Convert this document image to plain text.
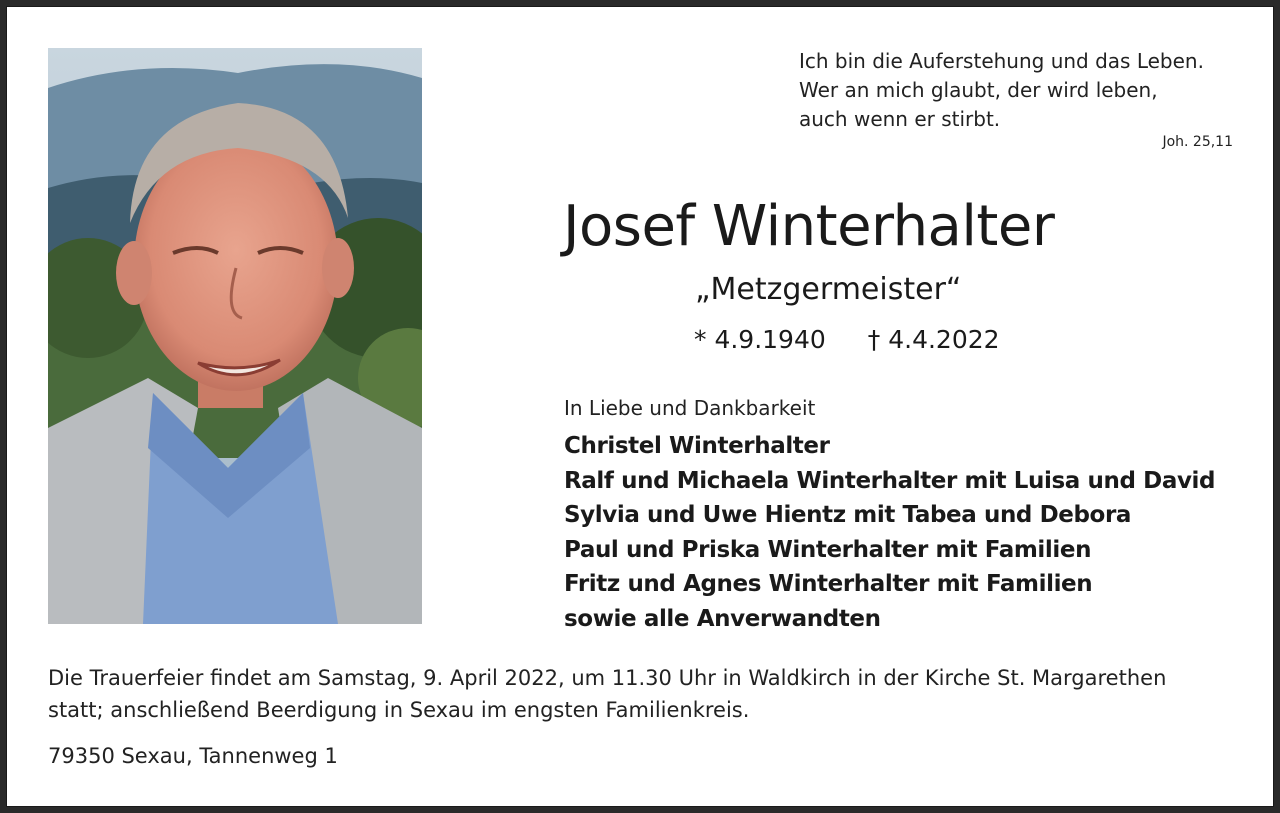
Ich bin die Auferstehung und das Leben.
Wer an mich glaubt, der wird leben,
auch wenn er stirbt.
Joh. 25,11
Josef Winterhalter
„Metzgermeister“
* 4.9.1940 † 4.4.2022
In Liebe und Dankbarkeit
Christel Winterhalter
Ralf und Michaela Winterhalter mit Luisa und David
Sylvia und Uwe Hientz mit Tabea und Debora
Paul und Priska Winterhalter mit Familien
Fritz und Agnes Winterhalter mit Familien
sowie alle Anverwandten
Die Trauerfeier findet am Samstag, 9. April 2022, um 11.30 Uhr in Waldkirch in der Kirche St. Margarethen
statt; anschließend Beerdigung in Sexau im engsten Familienkreis.
79350 Sexau, Tannenweg 1
